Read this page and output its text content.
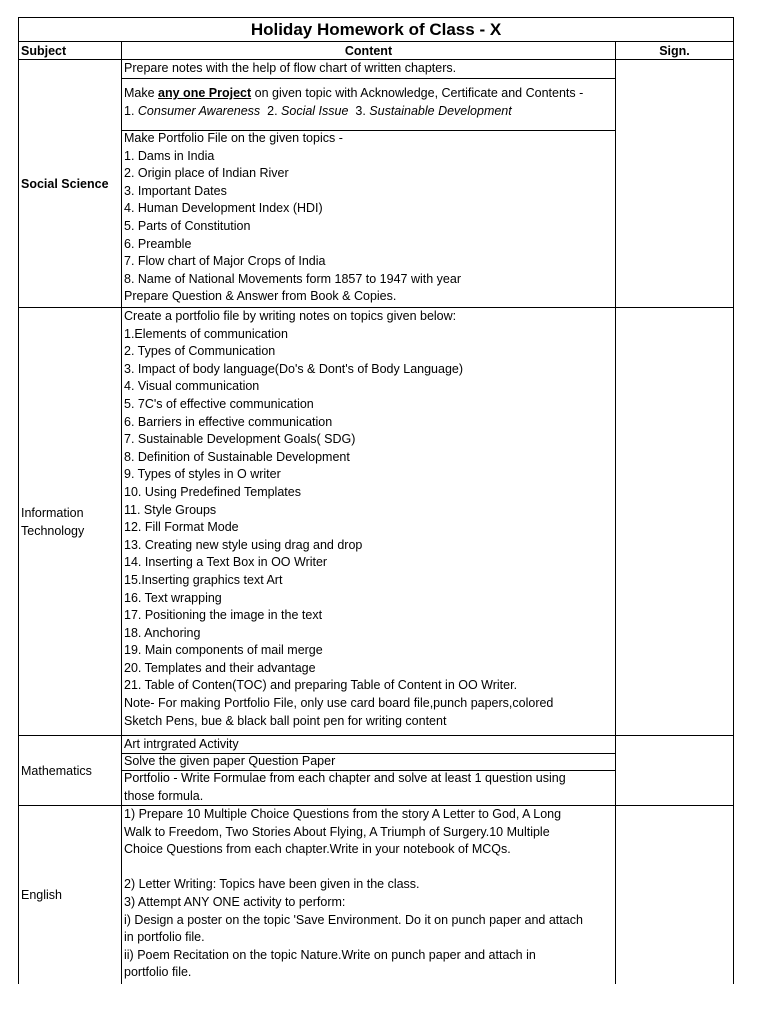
Holiday Homework of Class - X
Subject	Content	Sign.
Social Science
Prepare notes with the help of flow chart of written chapters.
Make any one Project on given topic with Acknowledge, Certificate and Contents -
1. Consumer Awareness  2. Social Issue  3. Sustainable Development
Make Portfolio File on the given topics -
1. Dams in India
2. Origin place of Indian River
3. Important Dates
4. Human Development Index (HDI)
5. Parts of Constitution
6. Preamble
7. Flow chart of Major Crops of India
8. Name of National Movements form 1857 to 1947 with year
Prepare Question & Answer from Book & Copies.
Information
Technology
Create a portfolio file by writing notes on topics given below:
1.Elements of communication
2. Types of Communication
3. Impact of body language(Do's & Dont's of Body Language)
4. Visual communication
5. 7C's of effective communication
6. Barriers in effective communication
7. Sustainable Development Goals( SDG)
8. Definition of Sustainable Development
9. Types of styles in O writer
10. Using Predefined Templates
11. Style Groups
12. Fill Format Mode
13. Creating new style using drag and drop
14. Inserting a Text Box in OO Writer
15.Inserting graphics text Art
16. Text wrapping
17. Positioning the image in the text
18. Anchoring
19. Main components of mail merge
20. Templates and their advantage
21. Table of Conten(TOC) and preparing Table of Content in OO Writer.
Note- For making Portfolio File, only use card board file,punch papers,colored
Sketch Pens, bue & black ball point pen for writing content
Mathematics
Art intrgrated Activity
Solve the given paper Question Paper
Portfolio - Write Formulae from each chapter and solve at least 1 question using
those formula.
English
1) Prepare 10 Multiple Choice Questions from the story A Letter to God, A Long
Walk to Freedom, Two Stories About Flying, A Triumph of Surgery.10 Multiple
Choice Questions from each chapter.Write in your notebook of MCQs.
2) Letter Writing: Topics have been given in the class.
3) Attempt ANY ONE activity to perform:
i) Design a poster on the topic 'Save Environment. Do it on punch paper and attach
in portfolio file.
ii) Poem Recitation on the topic Nature.Write on punch paper and attach in
portfolio file.
